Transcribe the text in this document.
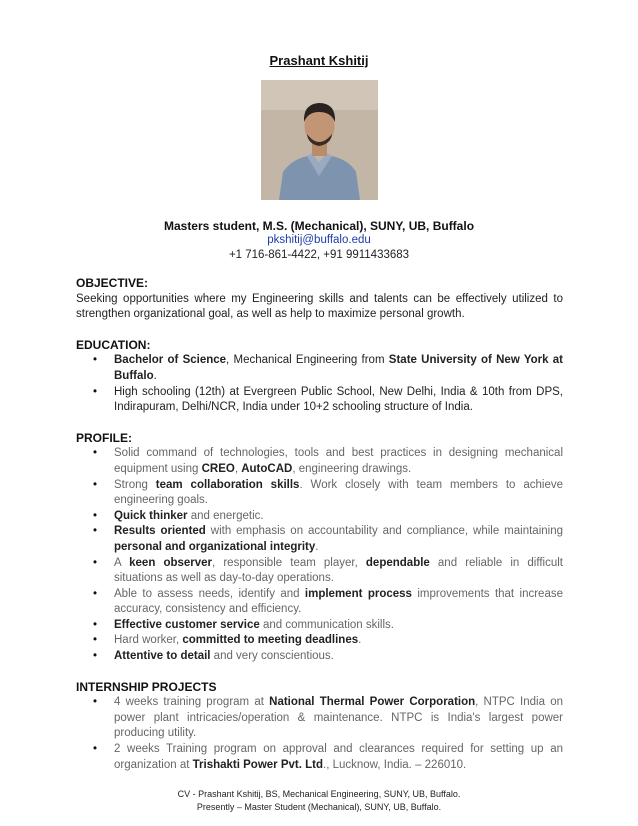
Prashant Kshitij
Masters student, M.S. (Mechanical), SUNY, UB, Buffalo
pkshitij@buffalo.edu
+1 716-861-4422, +91 9911433683

OBJECTIVE:

Seeking opportunities where my Engineering skills and talents can be effectively utilized to strengthen organizational goal, as well as help to maximize personal growth.

EDUCATION:

• Bachelor of Science, Mechanical Engineering from State University of New York at Buffalo.
• High schooling (12th) at Evergreen Public School, New Delhi, India & 10th from DPS, Indirapuram, Delhi/NCR, India under 10+2 schooling structure of India.

PROFILE:

• Solid command of technologies, tools and best practices in designing mechanical equipment using CREO, AutoCAD, engineering drawings.
• Strong team collaboration skills. Work closely with team members to achieve engineering goals.
• Quick thinker and energetic.
• Results oriented with emphasis on accountability and compliance, while maintaining personal and organizational integrity.
• A keen observer, responsible team player, dependable and reliable in difficult situations as well as day-to-day operations.
• Able to assess needs, identify and implement process improvements that increase accuracy, consistency and efficiency.
• Effective customer service and communication skills.
• Hard worker, committed to meeting deadlines.
• Attentive to detail and very conscientious.

INTERNSHIP PROJECTS

• 4 weeks training program at National Thermal Power Corporation, NTPC India on power plant intricacies/operation & maintenance. NTPC is India's largest power producing utility.
• 2 weeks Training program on approval and clearances required for setting up an organization at Trishakti Power Pvt. Ltd., Lucknow, India. – 226010.
CV - Prashant Kshitij, BS, Mechanical Engineering, SUNY, UB, Buffalo.
Presently – Master Student (Mechanical), SUNY, UB, Buffalo.
